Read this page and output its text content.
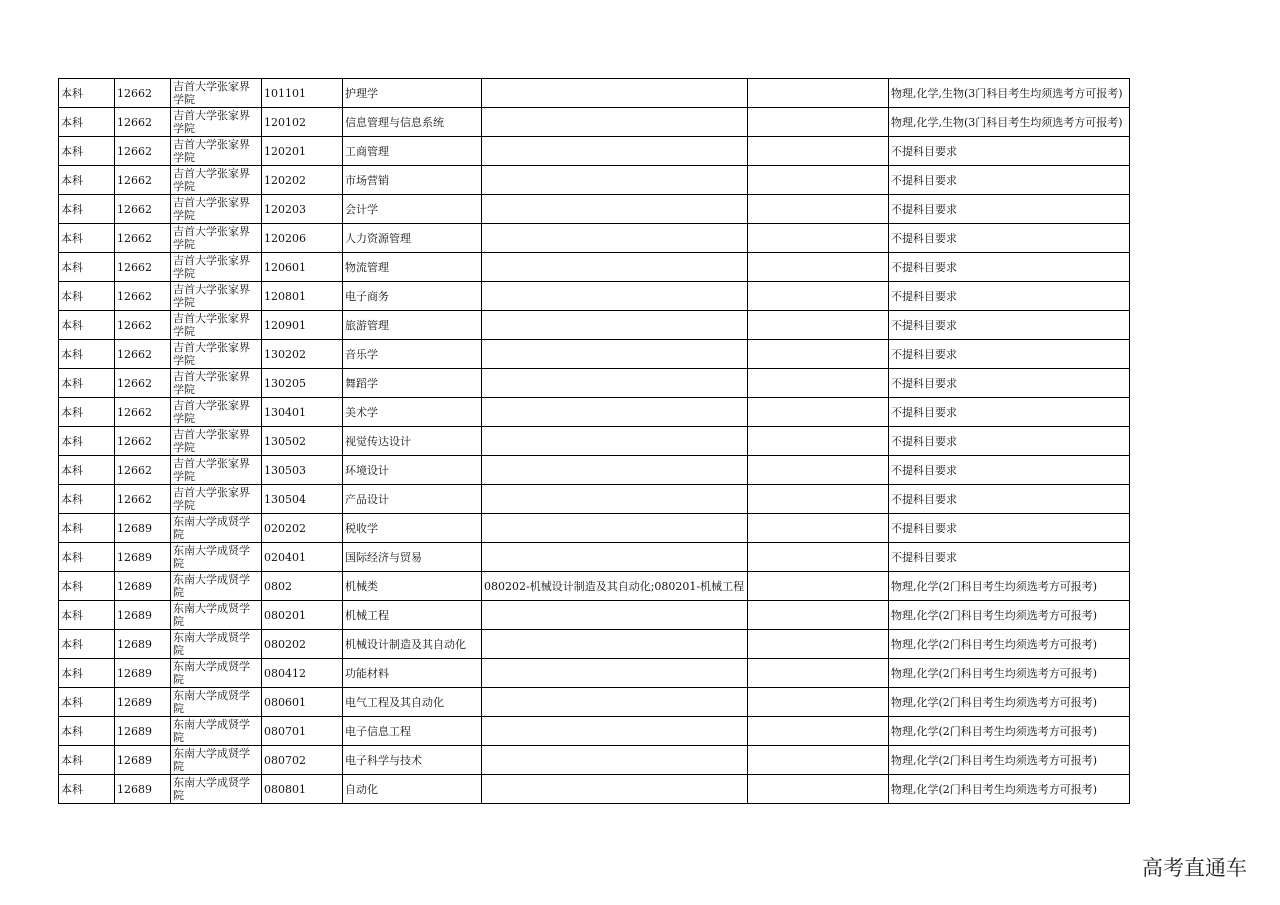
本科	12662	吉首大学张家界学院	101101	护理学			物理,化学,生物(3门科目考生均须选考方可报考)
本科	12662	吉首大学张家界学院	120102	信息管理与信息系统			物理,化学,生物(3门科目考生均须选考方可报考)
本科	12662	吉首大学张家界学院	120201	工商管理			不提科目要求
本科	12662	吉首大学张家界学院	120202	市场营销			不提科目要求
本科	12662	吉首大学张家界学院	120203	会计学			不提科目要求
本科	12662	吉首大学张家界学院	120206	人力资源管理			不提科目要求
本科	12662	吉首大学张家界学院	120601	物流管理			不提科目要求
本科	12662	吉首大学张家界学院	120801	电子商务			不提科目要求
本科	12662	吉首大学张家界学院	120901	旅游管理			不提科目要求
本科	12662	吉首大学张家界学院	130202	音乐学			不提科目要求
本科	12662	吉首大学张家界学院	130205	舞蹈学			不提科目要求
本科	12662	吉首大学张家界学院	130401	美术学			不提科目要求
本科	12662	吉首大学张家界学院	130502	视觉传达设计			不提科目要求
本科	12662	吉首大学张家界学院	130503	环境设计			不提科目要求
本科	12662	吉首大学张家界学院	130504	产品设计			不提科目要求
本科	12689	东南大学成贤学院	020202	税收学			不提科目要求
本科	12689	东南大学成贤学院	020401	国际经济与贸易			不提科目要求
本科	12689	东南大学成贤学院	0802	机械类	080202-机械设计制造及其自动化;080201-机械工程		物理,化学(2门科目考生均须选考方可报考)
本科	12689	东南大学成贤学院	080201	机械工程			物理,化学(2门科目考生均须选考方可报考)
本科	12689	东南大学成贤学院	080202	机械设计制造及其自动化			物理,化学(2门科目考生均须选考方可报考)
本科	12689	东南大学成贤学院	080412	功能材料			物理,化学(2门科目考生均须选考方可报考)
本科	12689	东南大学成贤学院	080601	电气工程及其自动化			物理,化学(2门科目考生均须选考方可报考)
本科	12689	东南大学成贤学院	080701	电子信息工程			物理,化学(2门科目考生均须选考方可报考)
本科	12689	东南大学成贤学院	080702	电子科学与技术			物理,化学(2门科目考生均须选考方可报考)
本科	12689	东南大学成贤学院	080801	自动化			物理,化学(2门科目考生均须选考方可报考)
高考直通车
